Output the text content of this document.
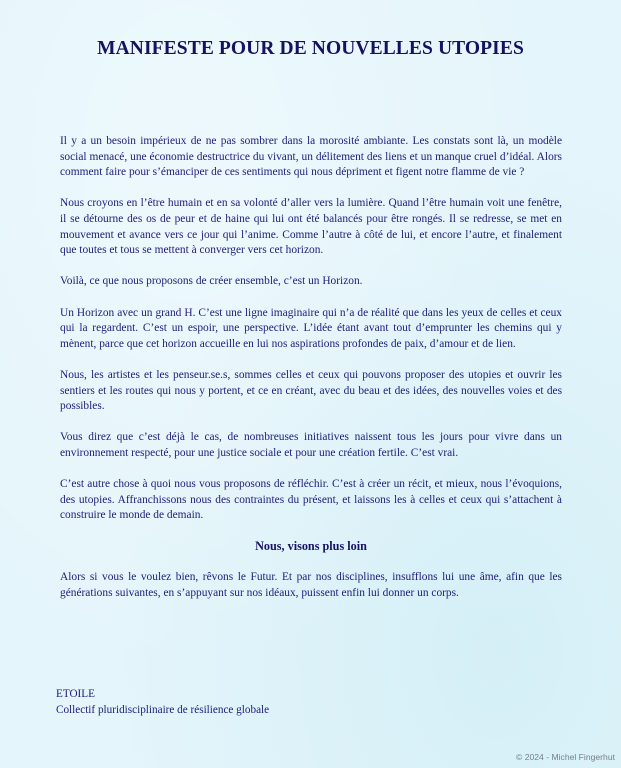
MANIFESTE POUR DE NOUVELLES UTOPIES

Il y a un besoin impérieux de ne pas sombrer dans la morosité ambiante. Les constats sont là, un modèle social menacé, une économie destructrice du vivant, un délitement des liens et un manque cruel d’idéal. Alors comment faire pour s’émanciper de ces sentiments qui nous dépriment et figent notre flamme de vie ?

Nous croyons en l’être humain et en sa volonté d’aller vers la lumière. Quand l’être humain voit une fenêtre, il se détourne des os de peur et de haine qui lui ont été balancés pour être rongés. Il se redresse, se met en mouvement et avance vers ce jour qui l’anime. Comme l’autre à côté de lui, et encore l’autre, et finalement que toutes et tous se mettent à converger vers cet horizon.

Voilà, ce que nous proposons de créer ensemble, c’est un Horizon.

Un Horizon avec un grand H. C’est une ligne imaginaire qui n’a de réalité que dans les yeux de celles et ceux qui la regardent. C’est un espoir, une perspective. L’idée étant avant tout d’emprunter les chemins qui y mènent, parce que cet horizon accueille en lui nos aspirations profondes de paix, d’amour et de lien.

Nous, les artistes et les penseur.se.s, sommes celles et ceux qui pouvons proposer des utopies et ouvrir les sentiers et les routes qui nous y portent, et ce en créant, avec du beau et des idées, des nouvelles voies et des possibles.

Vous direz que c’est déjà le cas, de nombreuses initiatives naissent tous les jours pour vivre dans un environnement respecté, pour une justice sociale et pour une création fertile. C’est vrai.

C’est autre chose à quoi nous vous proposons de réfléchir. C’est à créer un récit, et mieux, nous l’évoquions, des utopies. Affranchissons nous des contraintes du présent, et laissons les à celles et ceux qui s’attachent à construire le monde de demain.

Nous, visons plus loin

Alors si vous le voulez bien, rêvons le Futur. Et par nos disciplines, insufflons lui une âme, afin que les générations suivantes, en s’appuyant sur nos idéaux, puissent enfin lui donner un corps.

ETOILE
Collectif pluridisciplinaire de résilience globale
© 2024 - Michel Fingerhut
